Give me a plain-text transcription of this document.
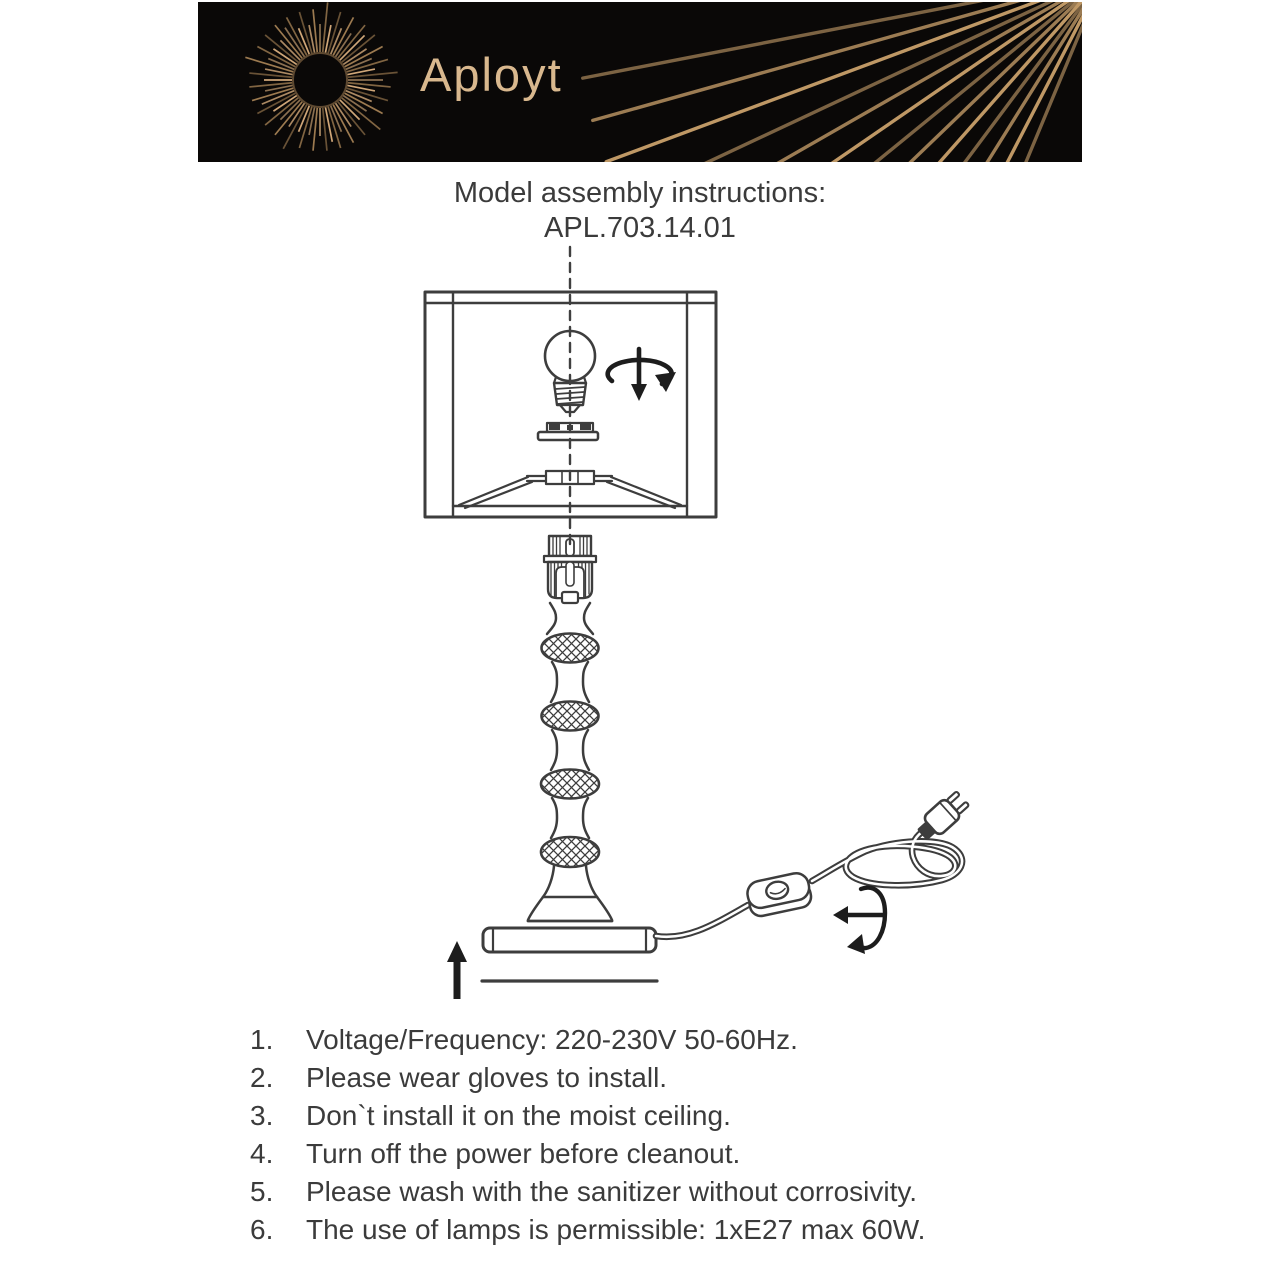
Aployt
Model assembly instructions:
APL.703.14.01
1.	Voltage/Frequency: 220-230V 50-60Hz.
2.	Please wear gloves to install.
3.	Don`t install it on the moist ceiling.
4.	Turn off the power before cleanout.
5.	Please wash with the sanitizer without corrosivity.
6.	The use of lamps is permissible: 1xE27 max 60W.
